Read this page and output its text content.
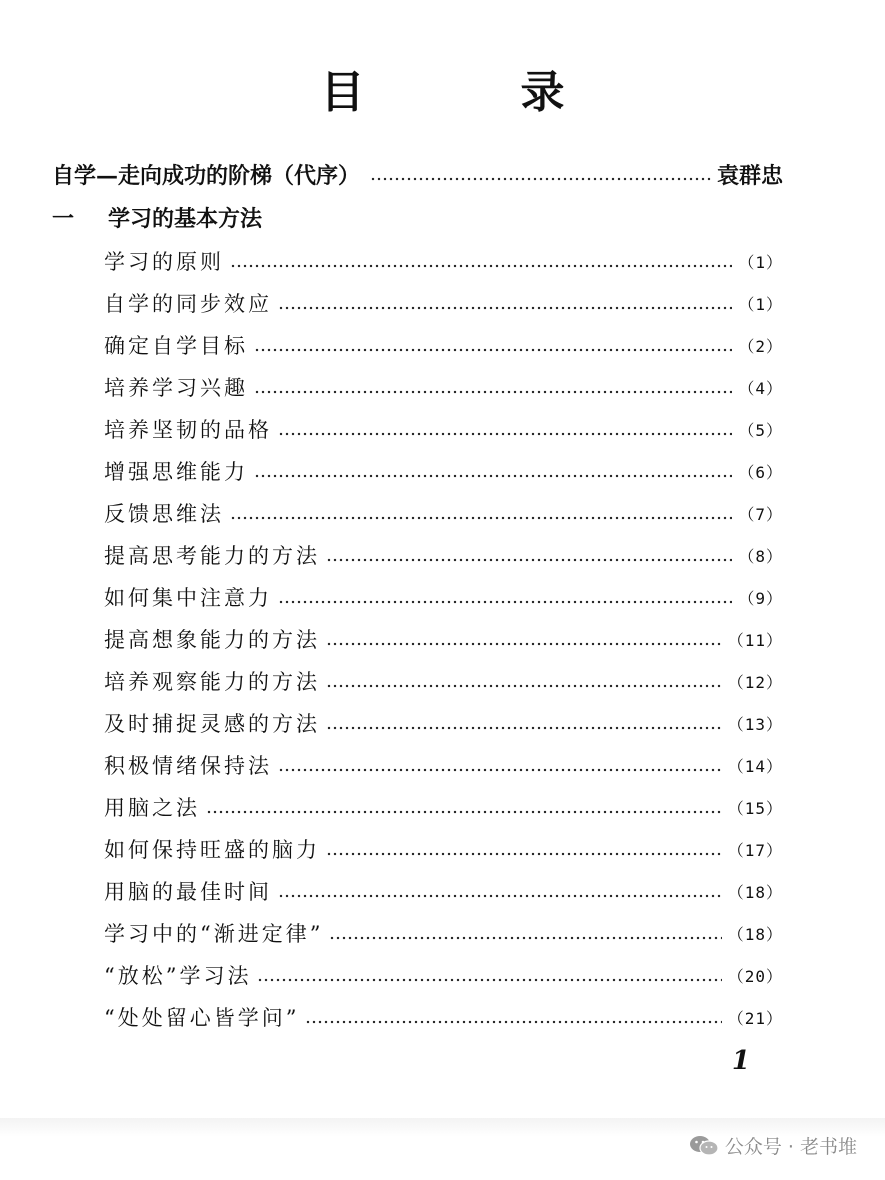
目　录
自学—走向成功的阶梯（代序）	袁群忠
一	学习的基本方法
学习的原则	（1）
自学的同步效应	（1）
确定自学目标	（2）
培养学习兴趣	（4）
培养坚韧的品格	（5）
增强思维能力	（6）
反馈思维法	（7）
提高思考能力的方法	（8）
如何集中注意力	（9）
提高想象能力的方法	（11）
培养观察能力的方法	（12）
及时捕捉灵感的方法	（13）
积极情绪保持法	（14）
用脑之法	（15）
如何保持旺盛的脑力	（17）
用脑的最佳时间	（18）
学习中的“渐进定律”	（18）
“放松”学习法	（20）
“处处留心皆学问”	（21）
1
公众号 · 老书堆
